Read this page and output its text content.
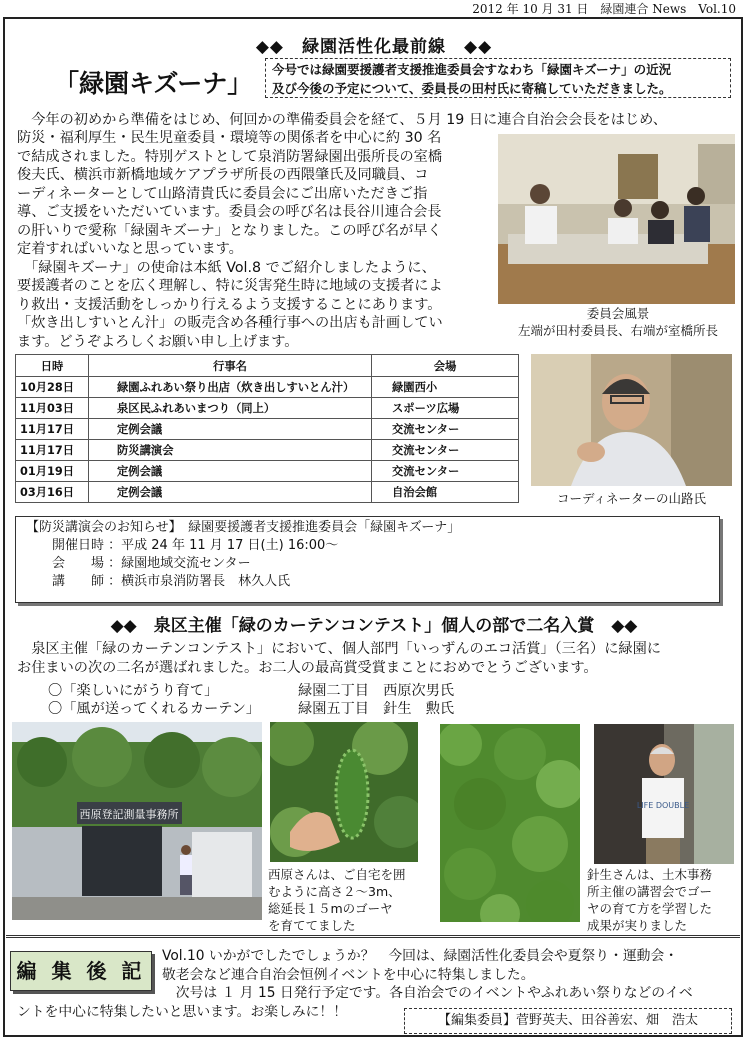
2012 年 10 月 31 日　緑園連合 News　Vol.10
◆◆　緑園活性化最前線　◆◆
「緑園キズーナ」 今号では緑園要援護者支援推進委員会すなわち「緑園キズーナ」の近況
及び今後の予定について、委員長の田村氏に寄稿していただきました。
　今年の初めから準備をはじめ、何回かの準備委員会を経て、５月 19 日に連合自治会会長をはじめ、
防災・福利厚生・民生児童委員・環境等の関係者を中心に約 30 名
で結成されました。特別ゲストとして泉消防署緑園出張所長の室橋
俊夫氏、横浜市新橋地域ケアプラザ所長の西隈肇氏及同職員、コ
ーディネーターとして山路清貴氏に委員会にご出席いただきご指
導、ご支援をいただいています。委員会の呼び名は長谷川連合会長
の肝いりで愛称「緑園キズーナ」となりました。この呼び名が早く
定着すればいいなと思っています。
　「緑園キズーナ」の使命は本紙 Vol.8 でご紹介しましたように、
要援護者のことを広く理解し、特に災害発生時に地域の支援者によ
り救出・支援活動をしっかり行えるよう支援することにあります。
「炊き出しすいとん汁」の販売含め各種行事への出店も計画してい
ます。どうぞよろしくお願い申し上げます。
委員会風景
左端が田村委員長、右端が室橋所長
コーディネーターの山路氏
日時	行事名	会場
10月28日	緑園ふれあい祭り出店（炊き出しすいとん汁）	緑園西小
11月03日	泉区民ふれあいまつり（同上）	スポーツ広場
11月17日	定例会議	交流センター
11月17日	防災講演会	交流センター
01月19日	定例会議	交流センター
03月16日	定例会議	自治会館
【防災講演会のお知らせ】　緑園要援護者支援推進委員会「緑園キズーナ」
　　開催日時 ：平成 24 年 11 月 17 日(土) 16:00～
　　会　　場 ：緑園地域交流センター
　　講　　師 ：横浜市泉消防署長　林久人氏
◆◆　泉区主催「緑のカーテンコンテスト」個人の部で二名入賞　◆◆
　泉区主催「緑のカーテンコンテスト」において、個人部門「いっずんのエコ活賞」（三名）に緑園に
お住まいの次の二名が選ばれました。お二人の最高賞受賞まことにおめでとうございます。
〇「楽しいにがうり育て」	緑園二丁目　西原次男氏
〇「風が送ってくれるカーテン」	緑園五丁目　針生　勲氏
西原登記測量事務所
西原さんは、ご自宅を囲
むように高さ２～3m、
総延長１５mのゴーヤ
を育ててました
LIFE DOUBLE
針生さんは、土木事務
所主催の講習会でゴー
ヤの育て方を学習した
成果が実りました
編 集 後 記
Vol.10 いかがでしたでしょうか？　今回は、緑園活性化委員会や夏祭り・運動会・
敬老会など連合自治会恒例イベントを中心に特集しました。
　次号は １ 月 15 日発行予定です。各自治会でのイベントやふれあい祭りなどのイベ
ントを中心に特集したいと思います。お楽しみに！！
【編集委員】菅野英夫、田谷善宏、畑　浩太
